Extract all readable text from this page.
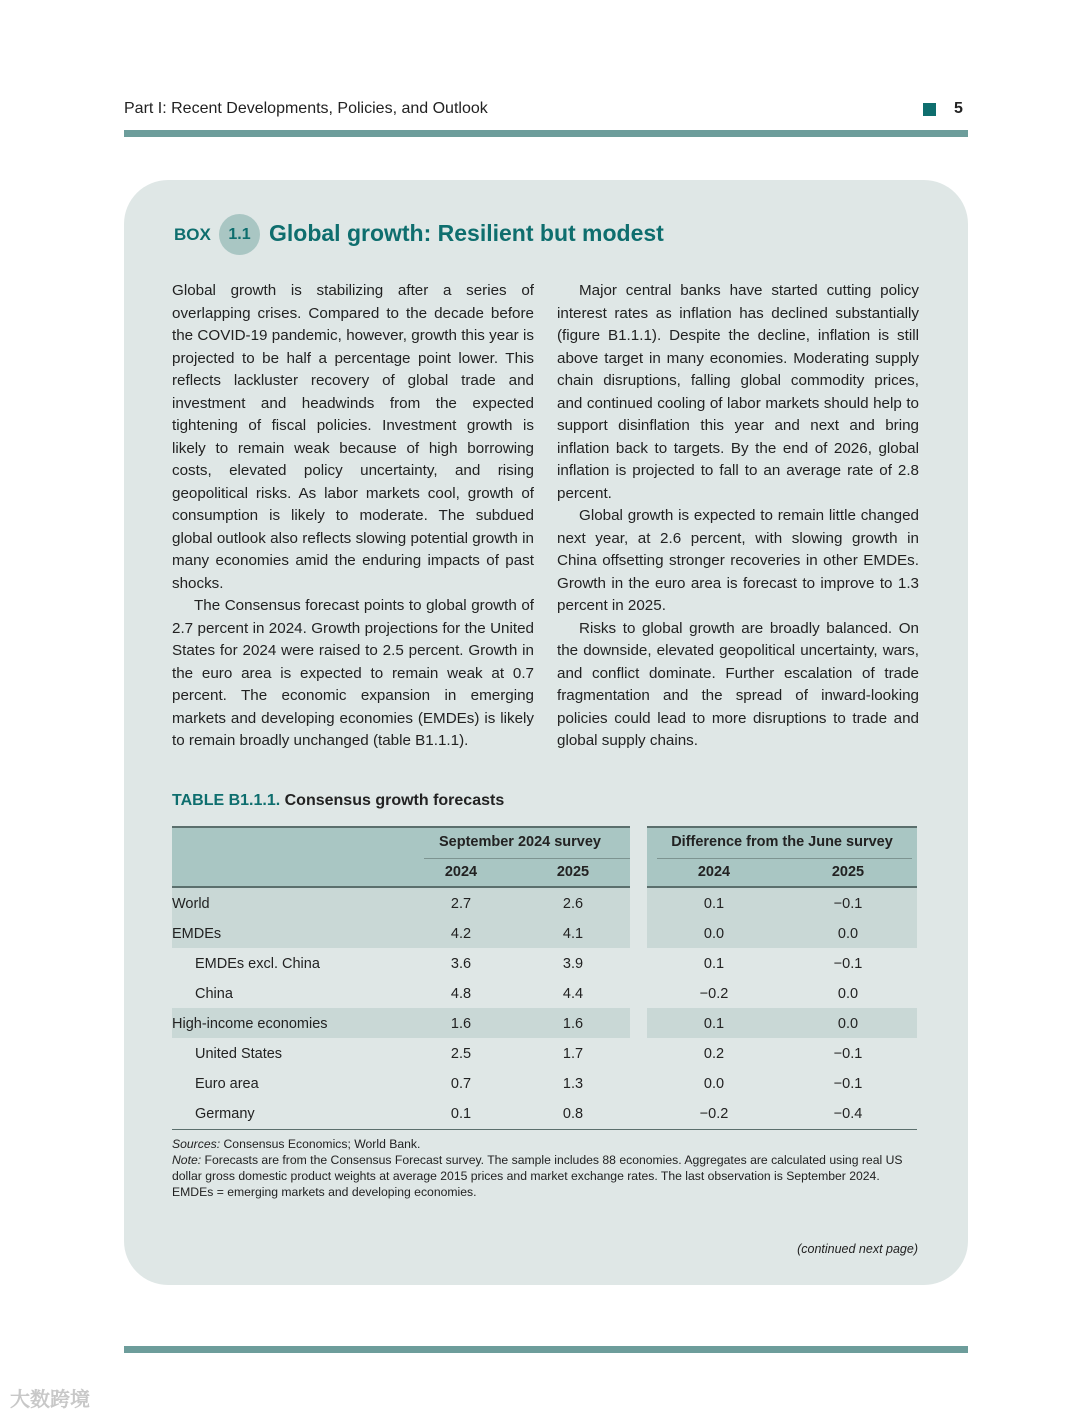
Part I: Recent Developments, Policies, and Outlook	5
BOX	1.1 Global growth: Resilient but modest

Global growth is stabilizing after a series of overlapping crises. Compared to the decade before the COVID-19 pandemic, however, growth this year is projected to be half a percentage point lower. This reflects lackluster recovery of global trade and investment and headwinds from the expected tightening of fiscal policies. Investment growth is likely to remain weak because of high borrowing costs, elevated policy uncertainty, and rising geopolitical risks. As labor markets cool, growth of consumption is likely to moderate. The subdued global outlook also reflects slowing potential growth in many economies amid the enduring impacts of past shocks.

The Consensus forecast points to global growth of 2.7 percent in 2024. Growth projections for the United States for 2024 were raised to 2.5 percent. Growth in the euro area is expected to remain weak at 0.7 percent. The economic expansion in emerging markets and developing economies (EMDEs) is likely to remain broadly unchanged (table B1.1.1).

Major central banks have started cutting policy interest rates as inflation has declined substantially (figure B1.1.1). Despite the decline, inflation is still above target in many economies. Moderating supply chain disruptions, falling global commodity prices, and continued cooling of labor markets should help to support disinflation this year and next and bring inflation back to targets. By the end of 2026, global inflation is projected to fall to an average rate of 2.8 percent.

Global growth is expected to remain little changed next year, at 2.6 percent, with slowing growth in China offsetting stronger recoveries in other EMDEs. Growth in the euro area is forecast to improve to 1.3 percent in 2025.

Risks to global growth are broadly balanced. On the downside, elevated geopolitical uncertainty, wars, and conflict dominate. Further escalation of trade fragmentation and the spread of inward-looking policies could lead to more disruptions to trade and global supply chains.

TABLE B1.1.1. Consensus growth forecasts
September 2024 survey	Difference from the June survey
2024	2025	2024	2025
World	2.7	2.6	0.1	−0.1
EMDEs	4.2	4.1	0.0	0.0
EMDEs excl. China	3.6	3.9	0.1	−0.1
China	4.8	4.4	−0.2	0.0
High-income economies	1.6	1.6	0.1	0.0
United States	2.5	1.7	0.2	−0.1
Euro area	0.7	1.3	0.0	−0.1
Germany	0.1	0.8	−0.2	−0.4

Sources: Consensus Economics; World Bank.

Note: Forecasts are from the Consensus Forecast survey. The sample includes 88 economies. Aggregates are calculated using real US dollar gross domestic product weights at average 2015 prices and market exchange rates. The last observation is September 2024. EMDEs = emerging markets and developing economies.

(continued next page)
大数跨境
